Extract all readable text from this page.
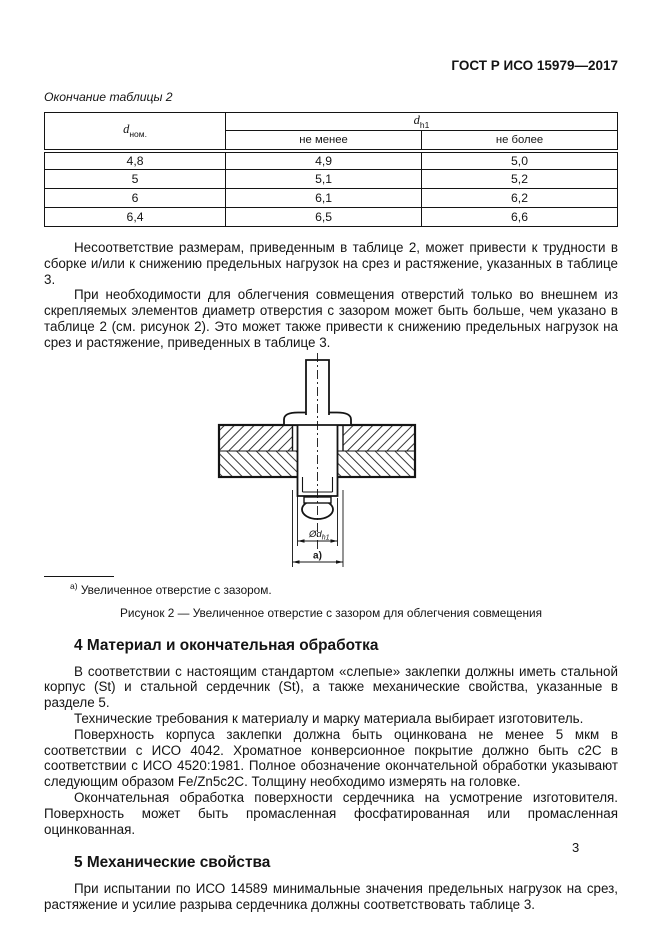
ГОСТ Р ИСО 15979—2017
Окончание таблицы 2
$d_{ном.}$	$d_{h1}$
	не менее	не более
4,8	4,9	5,0
5	5,1	5,2
6	6,1	6,2
6,4	6,5	6,6

Несоответствие размерам, приведенным в таблице 2, может привести к трудности в сборке и/или к снижению предельных нагрузок на срез и растяжение, указанных в таблице 3.

При необходимости для облегчения совмещения отверстий только во внешнем из скрепляемых элементов диаметр отверстия с зазором может быть больше, чем указано в таблице 2 (см. рисунок 2). Это может также привести к снижению предельных нагрузок на срез и растяжение, приведенных в таблице 3.

$Ød_{h1}$
а)
$^{а)}$ Увеличенное отверстие с зазором.
Рисунок 2 — Увеличенное отверстие с зазором для облегчения совмещения
4 Материал и окончательная обработка

В соответствии с настоящим стандартом «слепые» заклепки должны иметь стальной корпус (St) и стальной сердечник (St), а также механические свойства, указанные в разделе 5.

Технические требования к материалу и марку материала выбирает изготовитель.

Поверхность корпуса заклепки должна быть оцинкована не менее 5 мкм в соответствии с ИСО 4042. Хроматное конверсионное покрытие должно быть с2С в соответствии с ИСО 4520:1981. Полное обозначение окончательной обработки указывают следующим образом Fe/Zn5c2C. Толщину необходимо измерять на головке.

Окончательная обработка поверхности сердечника на усмотрение изготовителя. Поверхность может быть промасленная фосфатированная или промасленная оцинкованная.

5 Механические свойства

При испытании по ИСО 14589 минимальные значения предельных нагрузок на срез, растяжение и усилие разрыва сердечника должны соответствовать таблице 3.

3
